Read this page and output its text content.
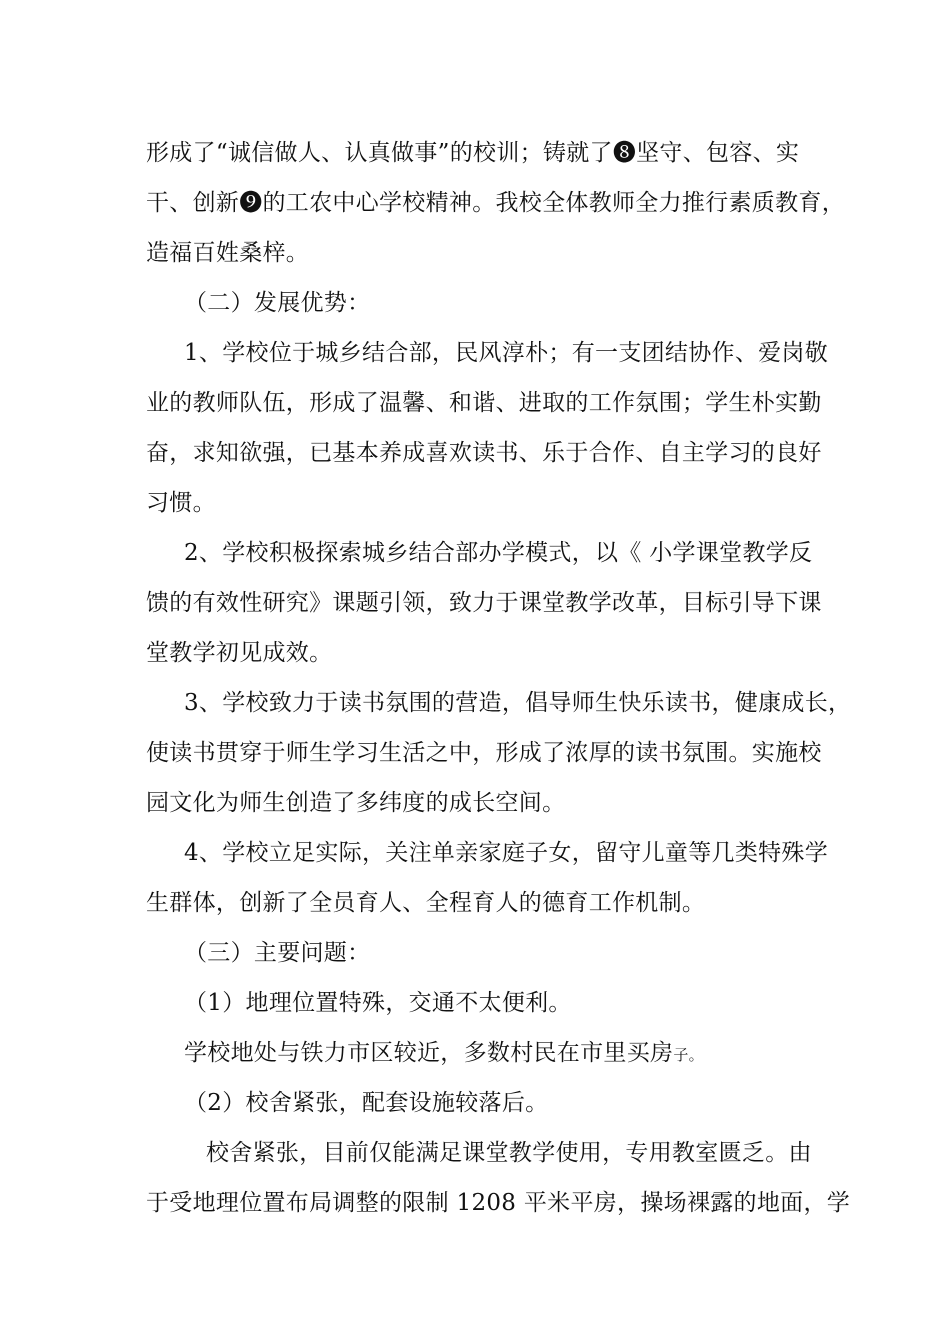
形成了“诚信做人、认真做事”的校训；铸就了❽坚守、包容、实
干、创新❾的工农中心学校精神。我校全体教师全力推行素质教育，
造福百姓桑梓。
（二）发展优势：
1、学校位于城乡结合部，民风淳朴；有一支团结协作、爱岗敬
业的教师队伍，形成了温馨、和谐、进取的工作氛围；学生朴实勤
奋，求知欲强，已基本养成喜欢读书、乐于合作、自主学习的良好
习惯。
2、学校积极探索城乡结合部办学模式，以《 小学课堂教学反
馈的有效性研究》课题引领，致力于课堂教学改革，目标引导下课
堂教学初见成效。
3、学校致力于读书氛围的营造，倡导师生快乐读书，健康成长，
使读书贯穿于师生学习生活之中，形成了浓厚的读书氛围。实施校
园文化为师生创造了多纬度的成长空间。
4、学校立足实际，关注单亲家庭子女，留守儿童等几类特殊学
生群体，创新了全员育人、全程育人的德育工作机制。
（三）主要问题：
（1）地理位置特殊，交通不太便利。
学校地处与铁力市区较近，多数村民在市里买房子。
（2）校舍紧张，配套设施较落后。
校舍紧张，目前仅能满足课堂教学使用，专用教室匮乏。由
于受地理位置布局调整的限制 1208 平米平房，操场裸露的地面，学
